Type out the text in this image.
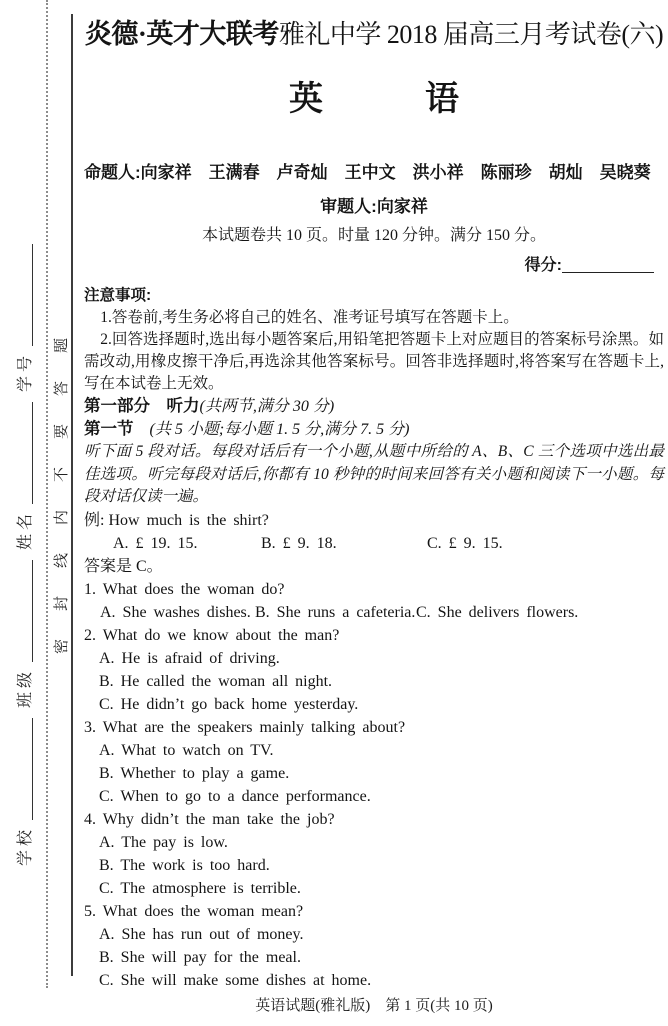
学校
班级
姓名
学号 密封线内不要答题
炎德·英才大联考雅礼中学 2018 届高三月考试卷(六)
英　　　语
命题人:向家祥　王满春　卢奇灿　王中文　洪小祥　陈丽珍　胡灿　吴晓葵
审题人:向家祥
本试题卷共 10 页。时量 120 分钟。满分 150 分。
得分:
注意事项:

1.答卷前,考生务必将自己的姓名、准考证号填写在答题卡上。

2.回答选择题时,选出每小题答案后,用铅笔把答题卡上对应题目的答案标号涂黑。如需改动,用橡皮擦干净后,再选涂其他答案标号。回答非选择题时,将答案写在答题卡上,写在本试卷上无效。

第一部分　听力(共两节,满分 30 分)
第一节　(共 5 小题;每小题 1. 5 分,满分 7. 5 分)

听下面 5 段对话。每段对话后有一个小题,从题中所给的 A、B、C 三个选项中选出最佳选项。听完每段对话后,你都有 10 秒钟的时间来回答有关小题和阅读下一小题。每段对话仅读一遍。

例: How much is the shirt?
A. £ 19. 15.	B. £ 9. 18.	C. £ 9. 15.
答案是 C。
1. What does the woman do?
A. She washes dishes. B. She runs a cafeteria.C. She delivers flowers.
2. What do we know about the man?
A. He is afraid of driving.
B. He called the woman all night.
C. He didn’t go back home yesterday.
3. What are the speakers mainly talking about?
A. What to watch on TV.
B. Whether to play a game.
C. When to go to a dance performance.
4. Why didn’t the man take the job?
A. The pay is low.
B. The work is too hard.
C. The atmosphere is terrible.
5. What does the woman mean?
A. She has run out of money.
B. She will pay for the meal.
C. She will make some dishes at home.
英语试题(雅礼版)　第 1 页(共 10 页)
